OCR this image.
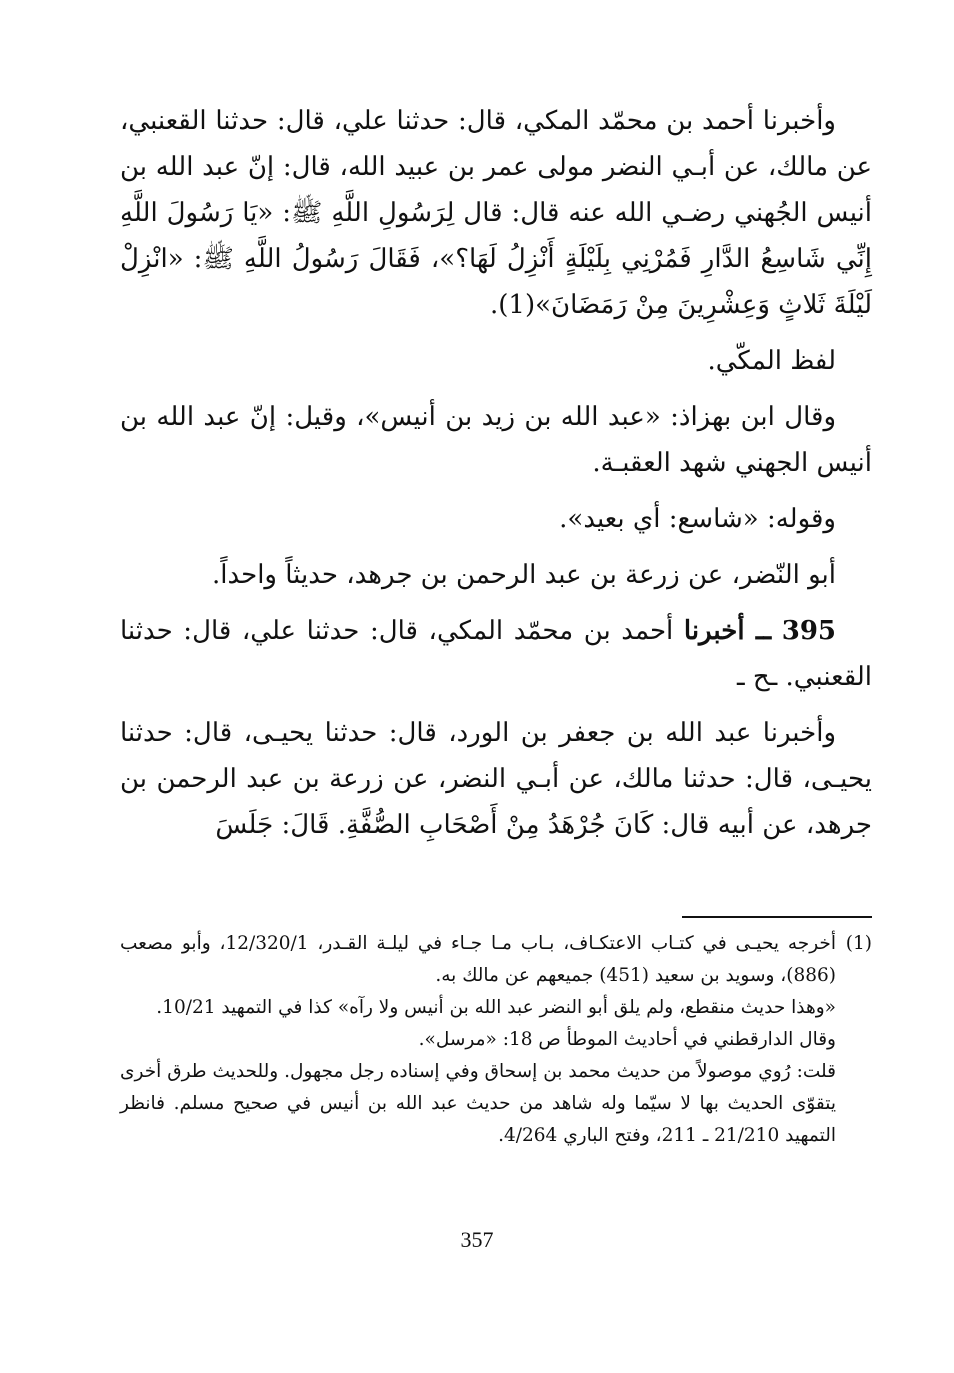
وأخبرنا أحمد بن محمّد المكي، قال: حدثنا علي، قال: حدثنا القعنبي، عن مالك، عن أبـي النضر مولى عمر بن عبيد الله، قال: إنّ عبد الله بن أنيس الجُهني رضـي الله عنه قال: قال لِرَسُولِ اللَّهِ ﷺ: «يَا رَسُولَ اللَّهِ إِنِّي شَاسِعُ الدَّارِ فَمُرْنِي بِلَيْلَةٍ أَنْزِلُ لَهَا؟»، فَقَالَ رَسُولُ اللَّهِ ﷺ: «انْزِلْ لَيْلَةَ ثَلاثٍ وَعِشْرِينَ مِنْ رَمَضَانَ»(1).

لفظ المكّي.

وقال ابن بهزاذ: «عبد الله بن زيد بن أنيس»، وقيل: إنّ عبد الله بن أنيس الجهني شهد العقبـة.

وقوله: «شاسع: أي بعيد».

أبو النّضر، عن زرعة بن عبد الرحمن بن جرهد، حديثاً واحداً.

395 ــ أخبرنا أحمد بن محمّد المكي، قال: حدثنا علي، قال: حدثنا القعنبي. ـح ـ

وأخبرنا عبد الله بن جعفر بن الورد، قال: حدثنا يحيـى، قال: حدثنا يحيـى، قال: حدثنا مالك، عن أبـي النضر، عن زرعة بن عبد الرحمن بن جرهد، عن أبيه قال: كَانَ جُرْهَدُ مِنْ أَصْحَابِ الصُّفَّةِ. قَالَ: جَلَسَ

(1)أخرجه يحيـى في كتـاب الاعتكـاف، بـاب مـا جـاء في ليلـة القـدر، 12/320/1، وأبو مصعب (886)، وسويد بن سعيد (451) جميعهم عن مالك به.

«وهذا حديث منقطع، ولم يلق أبو النضر عبد الله بن أنيس ولا رآه» كذا في التمهيد 10/21.

وقال الدارقطني في أحاديث الموطأ ص 18: «مرسل».

قلت: رُوي موصولاً من حديث محمد بن إسحاق وفي إسناده رجل مجهول. وللحديث طرق أخرى يتقوّى الحديث بها لا سيّما وله شاهد من حديث عبد الله بن أنيس في صحيح مسلم. فانظر التمهيد 21/210 ـ 211، وفتح الباري 4/264.

357
